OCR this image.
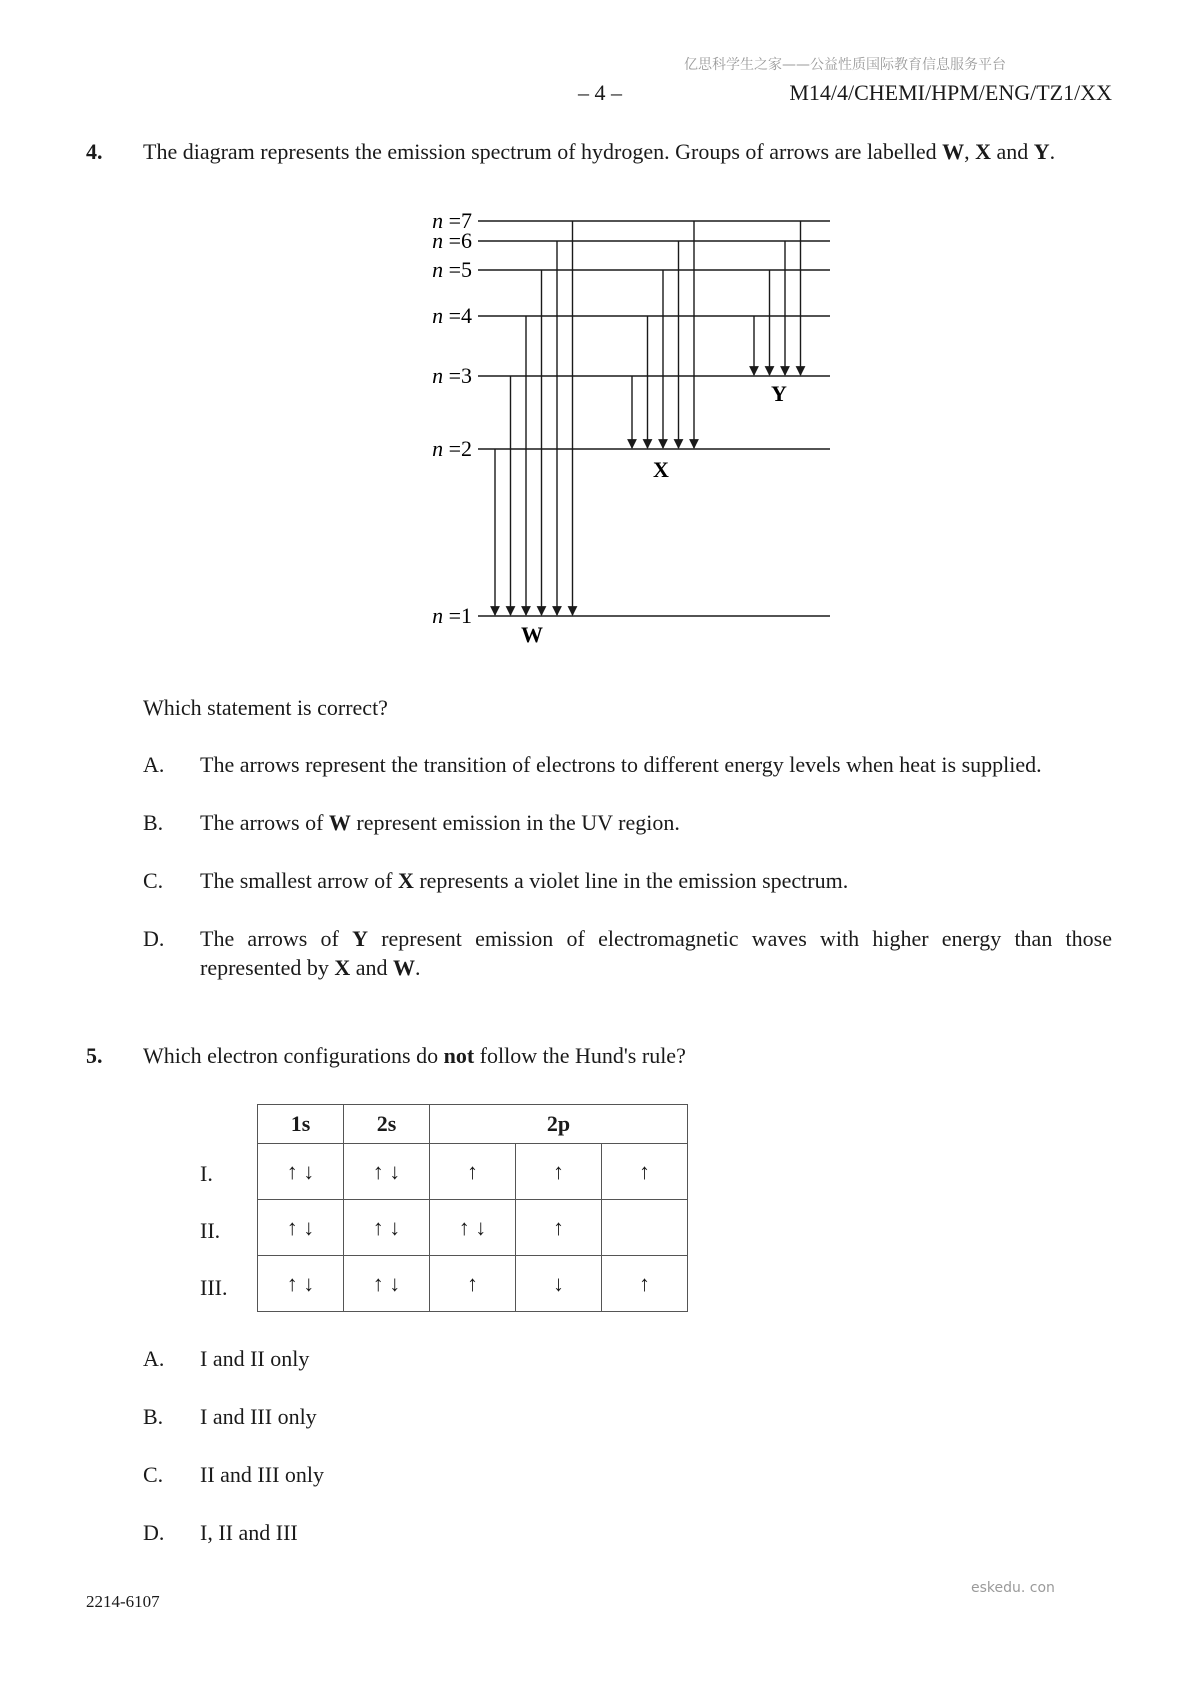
亿思科学生之家——公益性质国际教育信息服务平台
– 4 –	M14/4/CHEMI/HPM/ENG/TZ1/XX
4. The diagram represents the emission spectrum of hydrogen. Groups of arrows are labelled W, X and Y.
n =7
n =6
n =5
n =4
n =3
n =2
n =1
W
X
Y
Which statement is correct?
A. The arrows represent the transition of electrons to different energy levels when heat is supplied.
B. The arrows of W represent emission in the UV region.
C. The smallest arrow of X represents a violet line in the emission spectrum.
D. The arrows of Y represent emission of electromagnetic waves with higher energy than those
represented by X and W.
5. Which electron configurations do not follow the Hund's rule?
I.
II.
III.
1s	2s	2p		
↑ ↓	↑ ↓	↑	↑	↑
↑ ↓	↑ ↓	↑ ↓	↑	
↑ ↓	↑ ↓	↑	↓	↑
A. I and II only
B. I and III only
C. II and III only
D. I, II and III
2214-6107
eskedu. con
